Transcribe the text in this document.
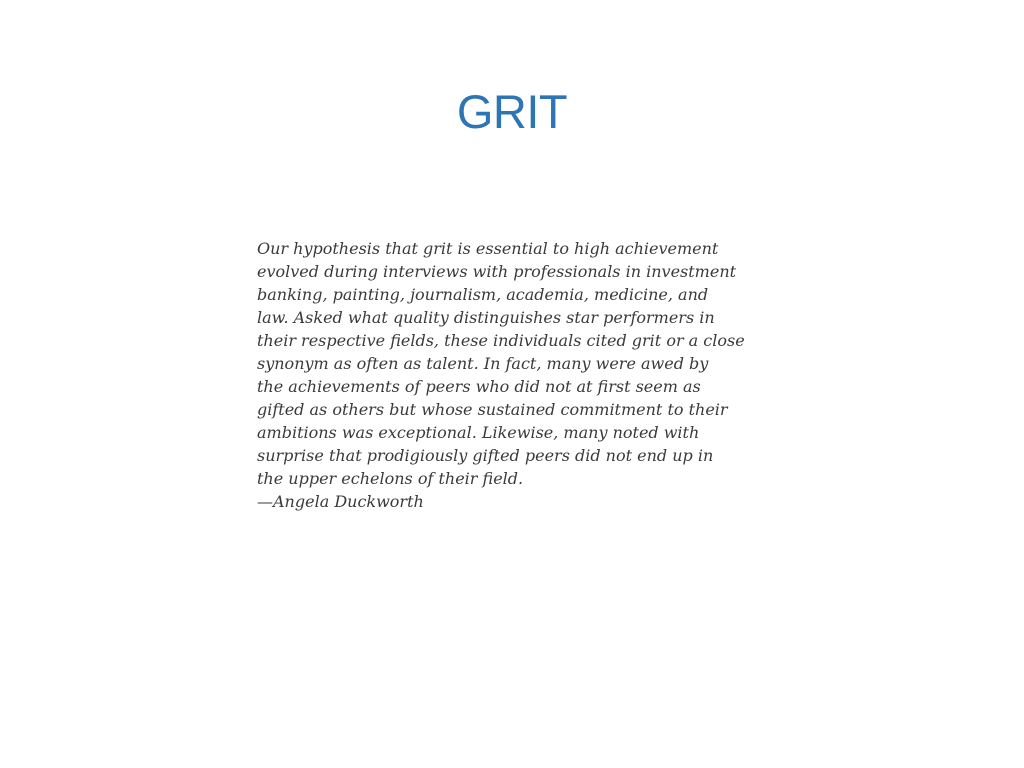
GRIT
Our hypothesis that grit is essential to high achievement
evolved during interviews with professionals in investment
banking, painting, journalism, academia, medicine, and
law. Asked what quality distinguishes star performers in
their respective fields, these individuals cited grit or a close
synonym as often as talent. In fact, many were awed by
the achievements of peers who did not at first seem as
gifted as others but whose sustained commitment to their
ambitions was exceptional. Likewise, many noted with
surprise that prodigiously gifted peers did not end up in
the upper echelons of their field.
—Angela Duckworth
